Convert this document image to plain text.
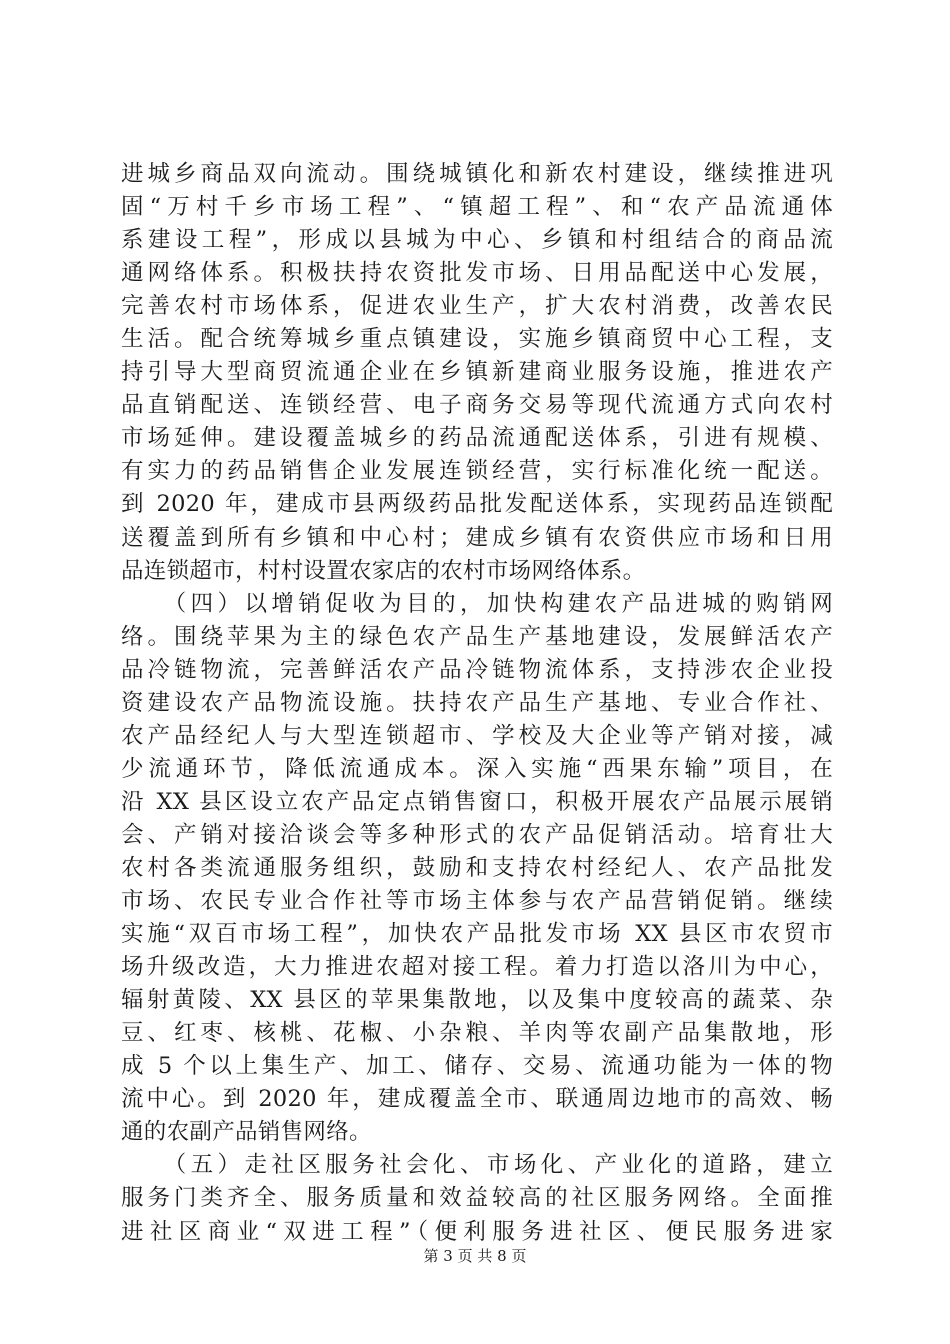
进城乡商品双向流动。围绕城镇化和新农村建设，继续推进巩
固“万村千乡市场工程”、“镇超工程”、和“农产品流通体
系建设工程”，形成以县城为中心、乡镇和村组结合的商品流
通网络体系。积极扶持农资批发市场、日用品配送中心发展，
完善农村市场体系，促进农业生产，扩大农村消费，改善农民
生活。配合统筹城乡重点镇建设，实施乡镇商贸中心工程，支
持引导大型商贸流通企业在乡镇新建商业服务设施，推进农产
品直销配送、连锁经营、电子商务交易等现代流通方式向农村
市场延伸。建设覆盖城乡的药品流通配送体系，引进有规模、
有实力的药品销售企业发展连锁经营，实行标准化统一配送。
到 2020 年，建成市县两级药品批发配送体系，实现药品连锁配
送覆盖到所有乡镇和中心村；建成乡镇有农资供应市场和日用
品连锁超市，村村设置农家店的农村市场网络体系。
　　（四）以增销促收为目的，加快构建农产品进城的购销网
络。围绕苹果为主的绿色农产品生产基地建设，发展鲜活农产
品冷链物流，完善鲜活农产品冷链物流体系，支持涉农企业投
资建设农产品物流设施。扶持农产品生产基地、专业合作社、
农产品经纪人与大型连锁超市、学校及大企业等产销对接，减
少流通环节，降低流通成本。深入实施“西果东输”项目，在
沿 XX 县区设立农产品定点销售窗口，积极开展农产品展示展销
会、产销对接洽谈会等多种形式的农产品促销活动。培育壮大
农村各类流通服务组织，鼓励和支持农村经纪人、农产品批发
市场、农民专业合作社等市场主体参与农产品营销促销。继续
实施“双百市场工程”，加快农产品批发市场 XX 县区市农贸市
场升级改造，大力推进农超对接工程。着力打造以洛川为中心，
辐射黄陵、XX 县区的苹果集散地，以及集中度较高的蔬菜、杂
豆、红枣、核桃、花椒、小杂粮、羊肉等农副产品集散地，形
成 5 个以上集生产、加工、储存、交易、流通功能为一体的物
流中心。到 2020 年，建成覆盖全市、联通周边地市的高效、畅
通的农副产品销售网络。
　　（五）走社区服务社会化、市场化、产业化的道路，建立
服务门类齐全、服务质量和效益较高的社区服务网络。全面推
进社区商业“双进工程”（便利服务进社区、便民服务进家
第 3 页 共 8 页
